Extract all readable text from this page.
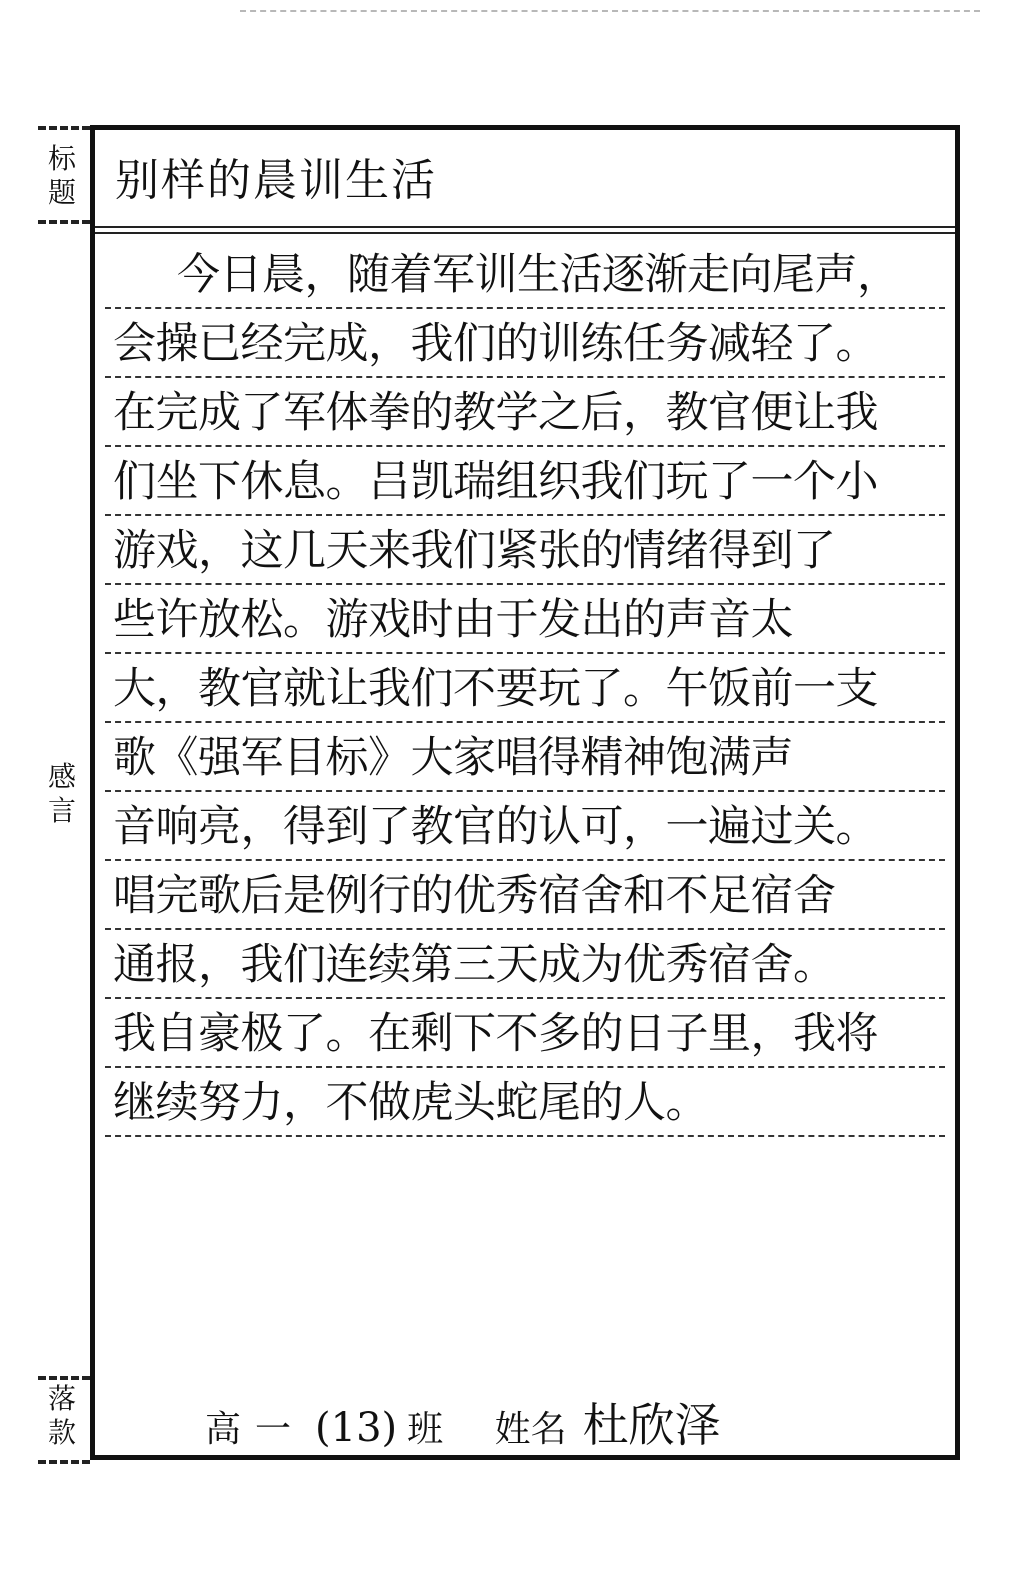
标
题
感
言
落
款
别样的晨训生活
今日晨，随着军训生活逐渐走向尾声，
会操已经完成，我们的训练任务减轻了。
在完成了军体拳的教学之后，教官便让我
们坐下休息。吕凯瑞组织我们玩了一个小
游戏，这几天来我们紧张的情绪得到了
些许放松。游戏时由于发出的声音太
大，教官就让我们不要玩了。午饭前一支
歌《强军目标》大家唱得精神饱满声
音响亮，得到了教官的认可，一遍过关。
唱完歌后是例行的优秀宿舍和不足宿舍
通报，我们连续第三天成为优秀宿舍。
我自豪极了。在剩下不多的日子里，我将
继续努力，不做虎头蛇尾的人。
高一 (13) 班 姓名 杜欣泽
